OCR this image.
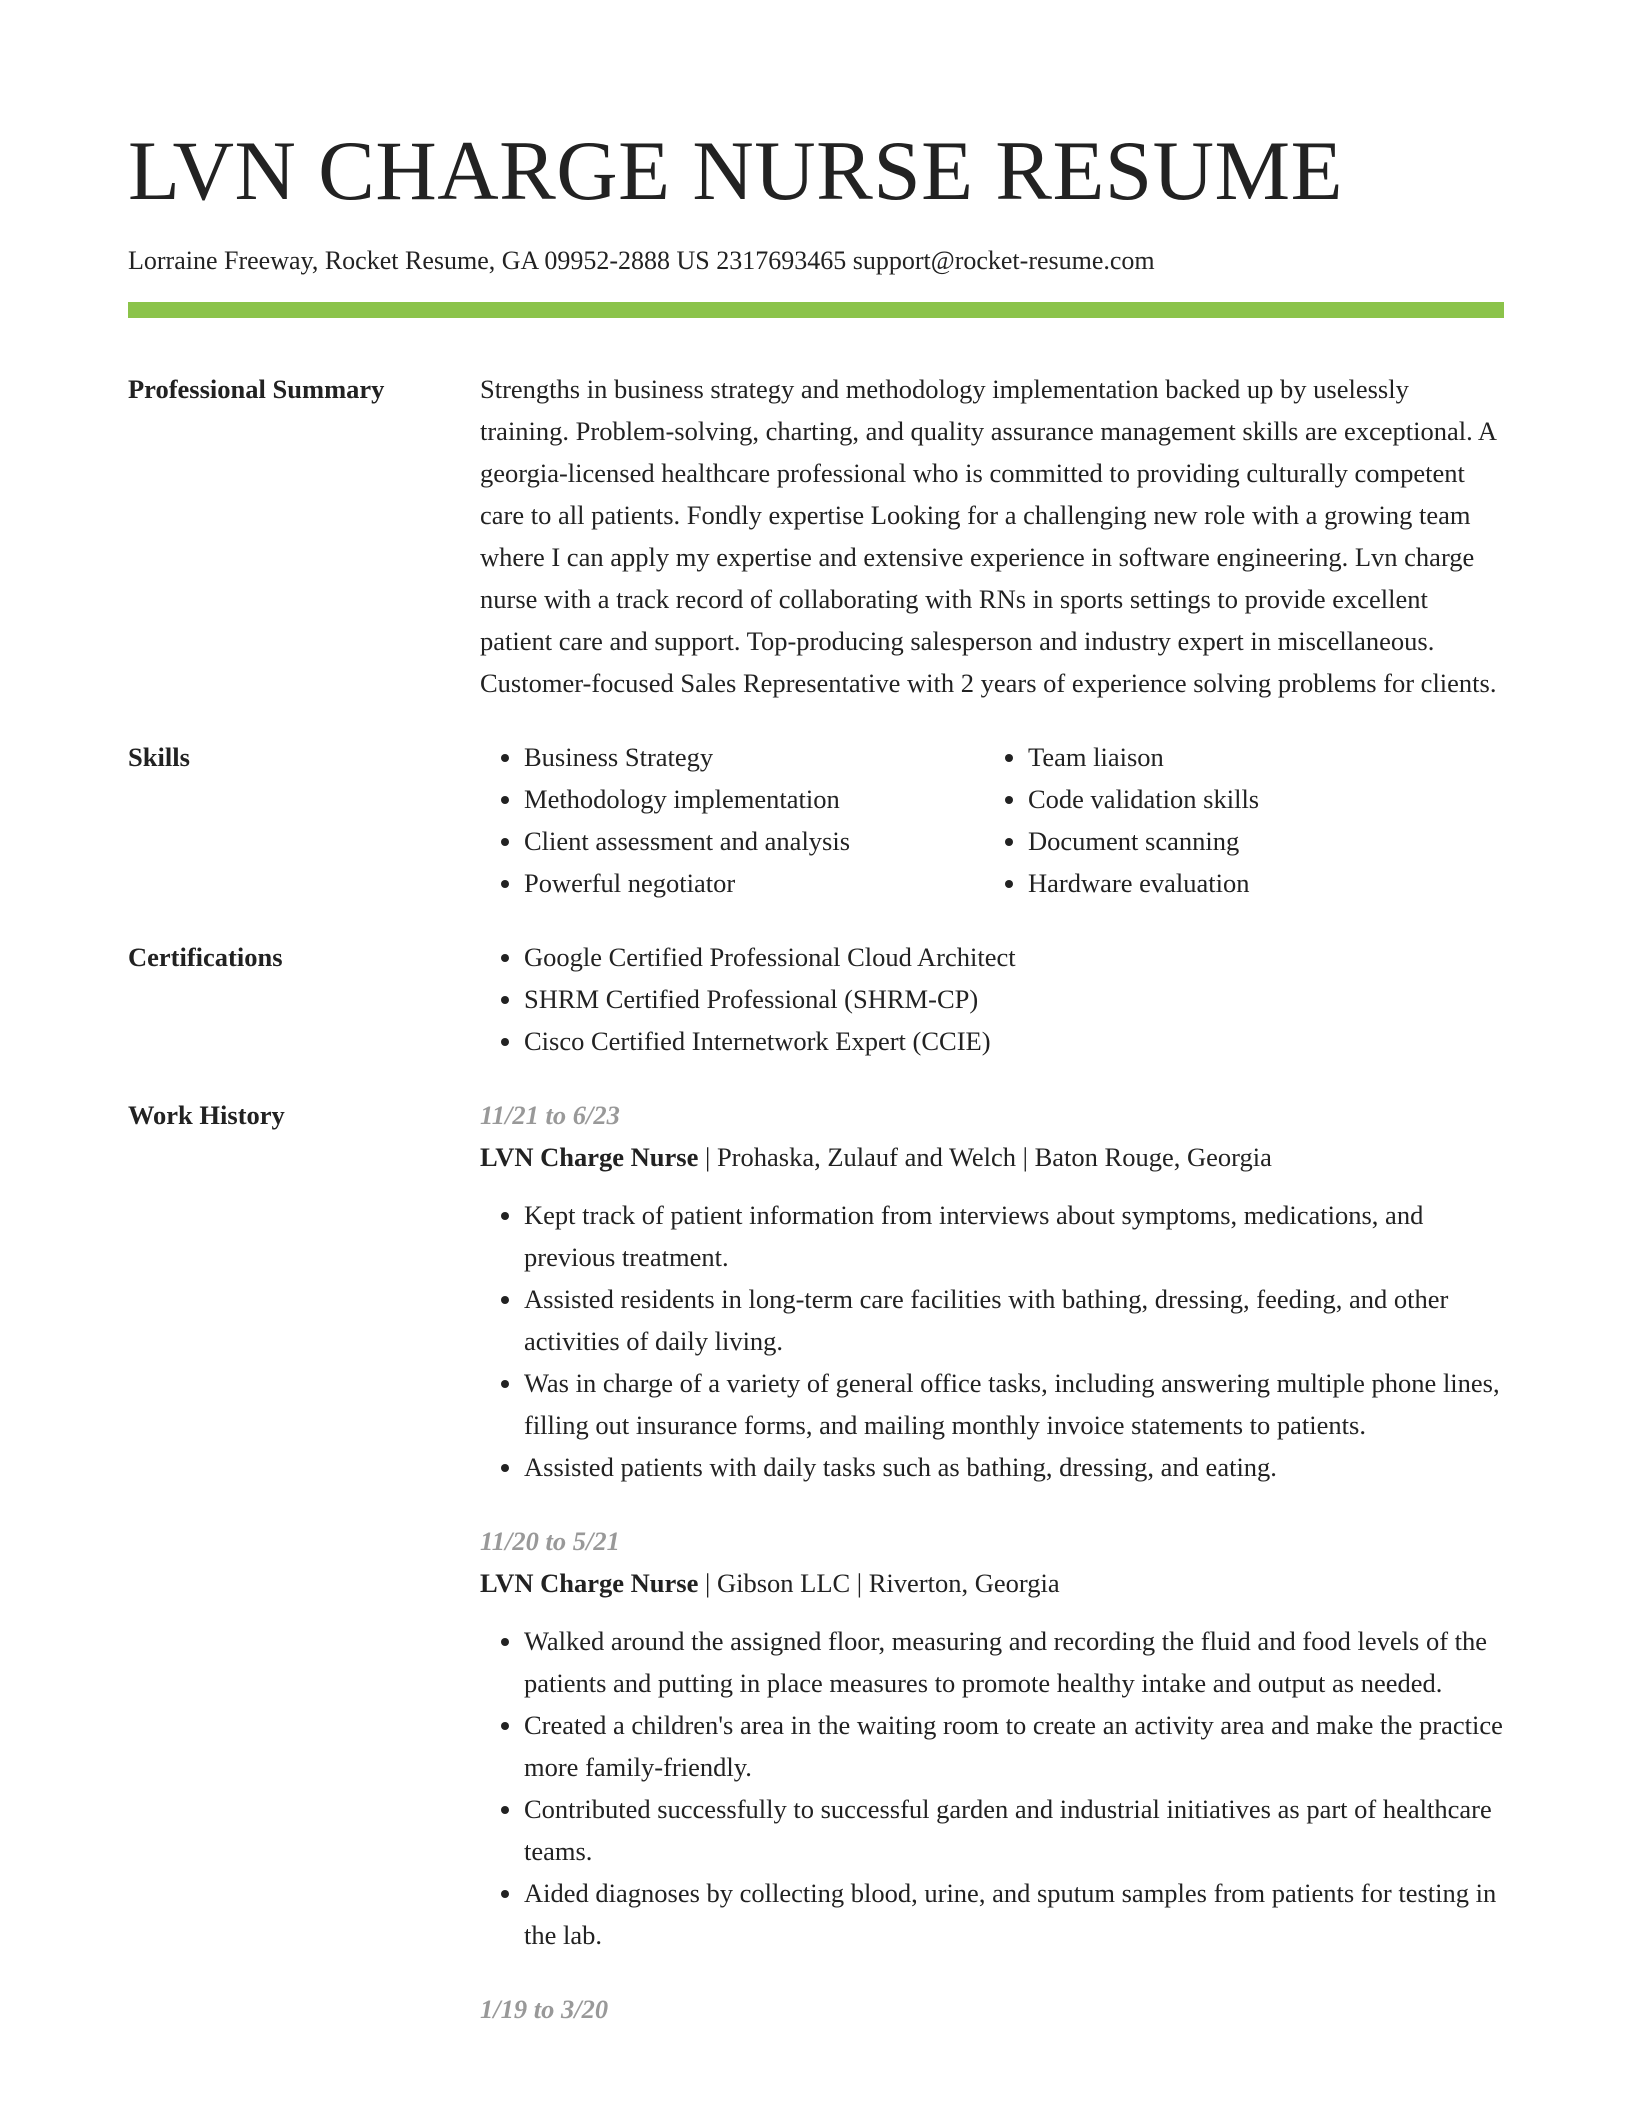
LVN CHARGE NURSE RESUME
Lorraine Freeway, Rocket Resume, GA 09952-2888 US 2317693465 support@rocket-resume.com
Professional Summary	Strengths in business strategy and methodology implementation backed up by uselessly training. Problem-solving, charting, and quality assurance management skills are exceptional. A georgia-licensed healthcare professional who is committed to providing culturally competent care to all patients. Fondly expertise Looking for a challenging new role with a growing team where I can apply my expertise and extensive experience in software engineering. Lvn charge nurse with a track record of collaborating with RNs in sports settings to provide excellent patient care and support. Top-producing salesperson and industry expert in miscellaneous. Customer-focused Sales Representative with 2 years of experience solving problems for clients.

Skills	• Business Strategy
• Methodology implementation
• Client assessment and analysis
• Powerful negotiator
• Team liaison
• Code validation skills
• Document scanning
• Hardware evaluation
Certifications	• Google Certified Professional Cloud Architect
• SHRM Certified Professional (SHRM-CP)
• Cisco Certified Internetwork Expert (CCIE)
Work History	11/21 to 6/23
LVN Charge Nurse | Prohaska, Zulauf and Welch | Baton Rouge, Georgia
• Kept track of patient information from interviews about symptoms, medications, and previous treatment.
• Assisted residents in long-term care facilities with bathing, dressing, feeding, and other activities of daily living.
• Was in charge of a variety of general office tasks, including answering multiple phone lines, filling out insurance forms, and mailing monthly invoice statements to patients.
• Assisted patients with daily tasks such as bathing, dressing, and eating.
11/20 to 5/21
LVN Charge Nurse | Gibson LLC | Riverton, Georgia
• Walked around the assigned floor, measuring and recording the fluid and food levels of the patients and putting in place measures to promote healthy intake and output as needed.
• Created a children's area in the waiting room to create an activity area and make the practice more family-friendly.
• Contributed successfully to successful garden and industrial initiatives as part of healthcare teams.
• Aided diagnoses by collecting blood, urine, and sputum samples from patients for testing in the lab.
1/19 to 3/20
